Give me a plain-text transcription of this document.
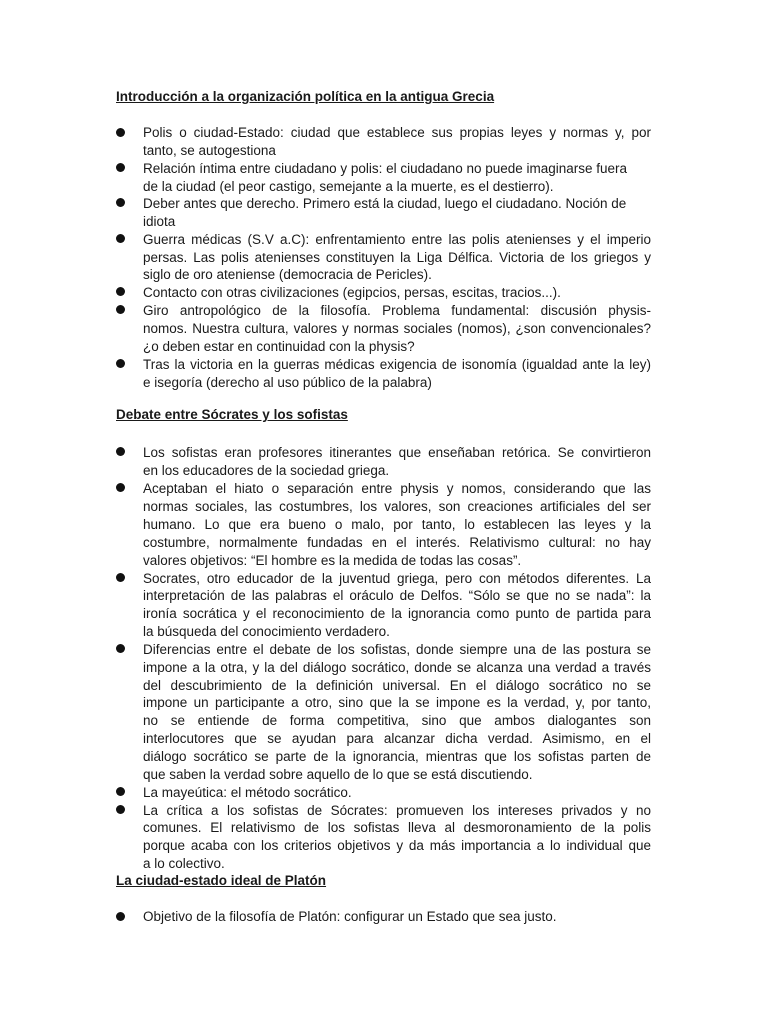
Introducción a la organización política en la antigua Grecia
Polis o ciudad-Estado: ciudad que establece sus propias leyes y normas y, por
tanto, se autogestiona
Relación íntima entre ciudadano y polis: el ciudadano no puede imaginarse fuera
de la ciudad (el peor castigo, semejante a la muerte, es el destierro).
Deber antes que derecho. Primero está la ciudad, luego el ciudadano. Noción de
idiota
Guerra médicas (S.V a.C): enfrentamiento entre las polis atenienses y el imperio
persas. Las polis atenienses constituyen la Liga Délfica. Victoria de los griegos y
siglo de oro ateniense (democracia de Pericles).
Contacto con otras civilizaciones (egipcios, persas, escitas, tracios...).
Giro antropológico de la filosofía. Problema fundamental: discusión physis-
nomos. Nuestra cultura, valores y normas sociales (nomos), ¿son convencionales?
¿o deben estar en continuidad con la physis?
Tras la victoria en la guerras médicas exigencia de isonomía (igualdad ante la ley)
e isegoría (derecho al uso público de la palabra)
Debate entre Sócrates y los sofistas
Los sofistas eran profesores itinerantes que enseñaban retórica. Se convirtieron
en los educadores de la sociedad griega.
Aceptaban el hiato o separación entre physis y nomos, considerando que las
normas sociales, las costumbres, los valores, son creaciones artificiales del ser
humano. Lo que era bueno o malo, por tanto, lo establecen las leyes y la
costumbre, normalmente fundadas en el interés. Relativismo cultural: no hay
valores objetivos: “El hombre es la medida de todas las cosas”.
Socrates, otro educador de la juventud griega, pero con métodos diferentes. La
interpretación de las palabras el oráculo de Delfos. “Sólo se que no se nada”: la
ironía socrática y el reconocimiento de la ignorancia como punto de partida para
la búsqueda del conocimiento verdadero.
Diferencias entre el debate de los sofistas, donde siempre una de las postura se
impone a la otra, y la del diálogo socrático, donde se alcanza una verdad a través
del descubrimiento de la definición universal. En el diálogo socrático no se
impone un participante a otro, sino que la se impone es la verdad, y, por tanto,
no se entiende de forma competitiva, sino que ambos dialogantes son
interlocutores que se ayudan para alcanzar dicha verdad. Asimismo, en el
diálogo socrático se parte de la ignorancia, mientras que los sofistas parten de
que saben la verdad sobre aquello de lo que se está discutiendo.
La mayeútica: el método socrático.
La crítica a los sofistas de Sócrates: promueven los intereses privados y no
comunes. El relativismo de los sofistas lleva al desmoronamiento de la polis
porque acaba con los criterios objetivos y da más importancia a lo individual que
a lo colectivo.
La ciudad-estado ideal de Platón
Objetivo de la filosofía de Platón: configurar un Estado que sea justo.
